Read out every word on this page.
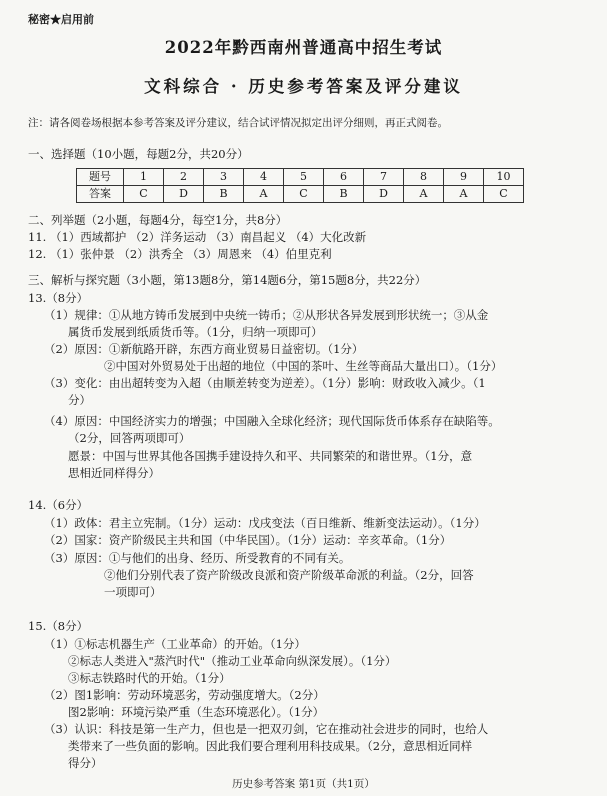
秘密★启用前
2022年黔西南州普通高中招生考试
文科综合 · 历史参考答案及评分建议
注：请各阅卷场根据本参考答案及评分建议，结合试评情况拟定出评分细则，再正式阅卷。
一、选择题（10小题，每题2分，共20分）
题号	1	2	3	4	5	6	7	8	9	10
答案	C	D	B	A	C	B	D	A	A	C
二、列举题（2小题，每题4分，每空1分，共8分）
11. （1）西域都护 （2）洋务运动 （3）南昌起义 （4）大化改新
12. （1）张仲景 （2）洪秀全 （3）周恩来 （4）伯里克利
三、解析与探究题（3小题，第13题8分，第14题6分，第15题8分，共22分）
13.（8分）
（1）规律：①从地方铸币发展到中央统一铸币；②从形状各异发展到形状统一；③从金
属货币发展到纸质货币等。（1分，归纳一项即可）
（2）原因：①新航路开辟，东西方商业贸易日益密切。（1分）
②中国对外贸易处于出超的地位（中国的茶叶、生丝等商品大量出口）。（1分）
（3）变化：由出超转变为入超（由顺差转变为逆差）。（1分）影响：财政收入减少。（1
分）
（4）原因：中国经济实力的增强；中国融入全球化经济；现代国际货币体系存在缺陷等。
（2分，回答两项即可）
愿景：中国与世界其他各国携手建设持久和平、共同繁荣的和谐世界。（1分，意
思相近同样得分）
14.（6分）
（1）政体：君主立宪制。（1分）运动：戊戌变法（百日维新、维新变法运动）。（1分）
（2）国家：资产阶级民主共和国（中华民国）。（1分）运动：辛亥革命。（1分）
（3）原因：①与他们的出身、经历、所受教育的不同有关。
②他们分别代表了资产阶级改良派和资产阶级革命派的利益。（2分，回答
一项即可）
15.（8分）
（1）①标志机器生产（工业革命）的开始。（1分）
②标志人类进入"蒸汽时代"（推动工业革命向纵深发展）。（1分）
③标志铁路时代的开始。（1分）
（2）图1影响：劳动环境恶劣，劳动强度增大。（2分）
图2影响：环境污染严重（生态环境恶化）。（1分）
（3）认识：科技是第一生产力，但也是一把双刃剑，它在推动社会进步的同时，也给人
类带来了一些负面的影响。因此我们要合理利用科技成果。（2分，意思相近同样
得分）
历史参考答案 第1页（共1页）
